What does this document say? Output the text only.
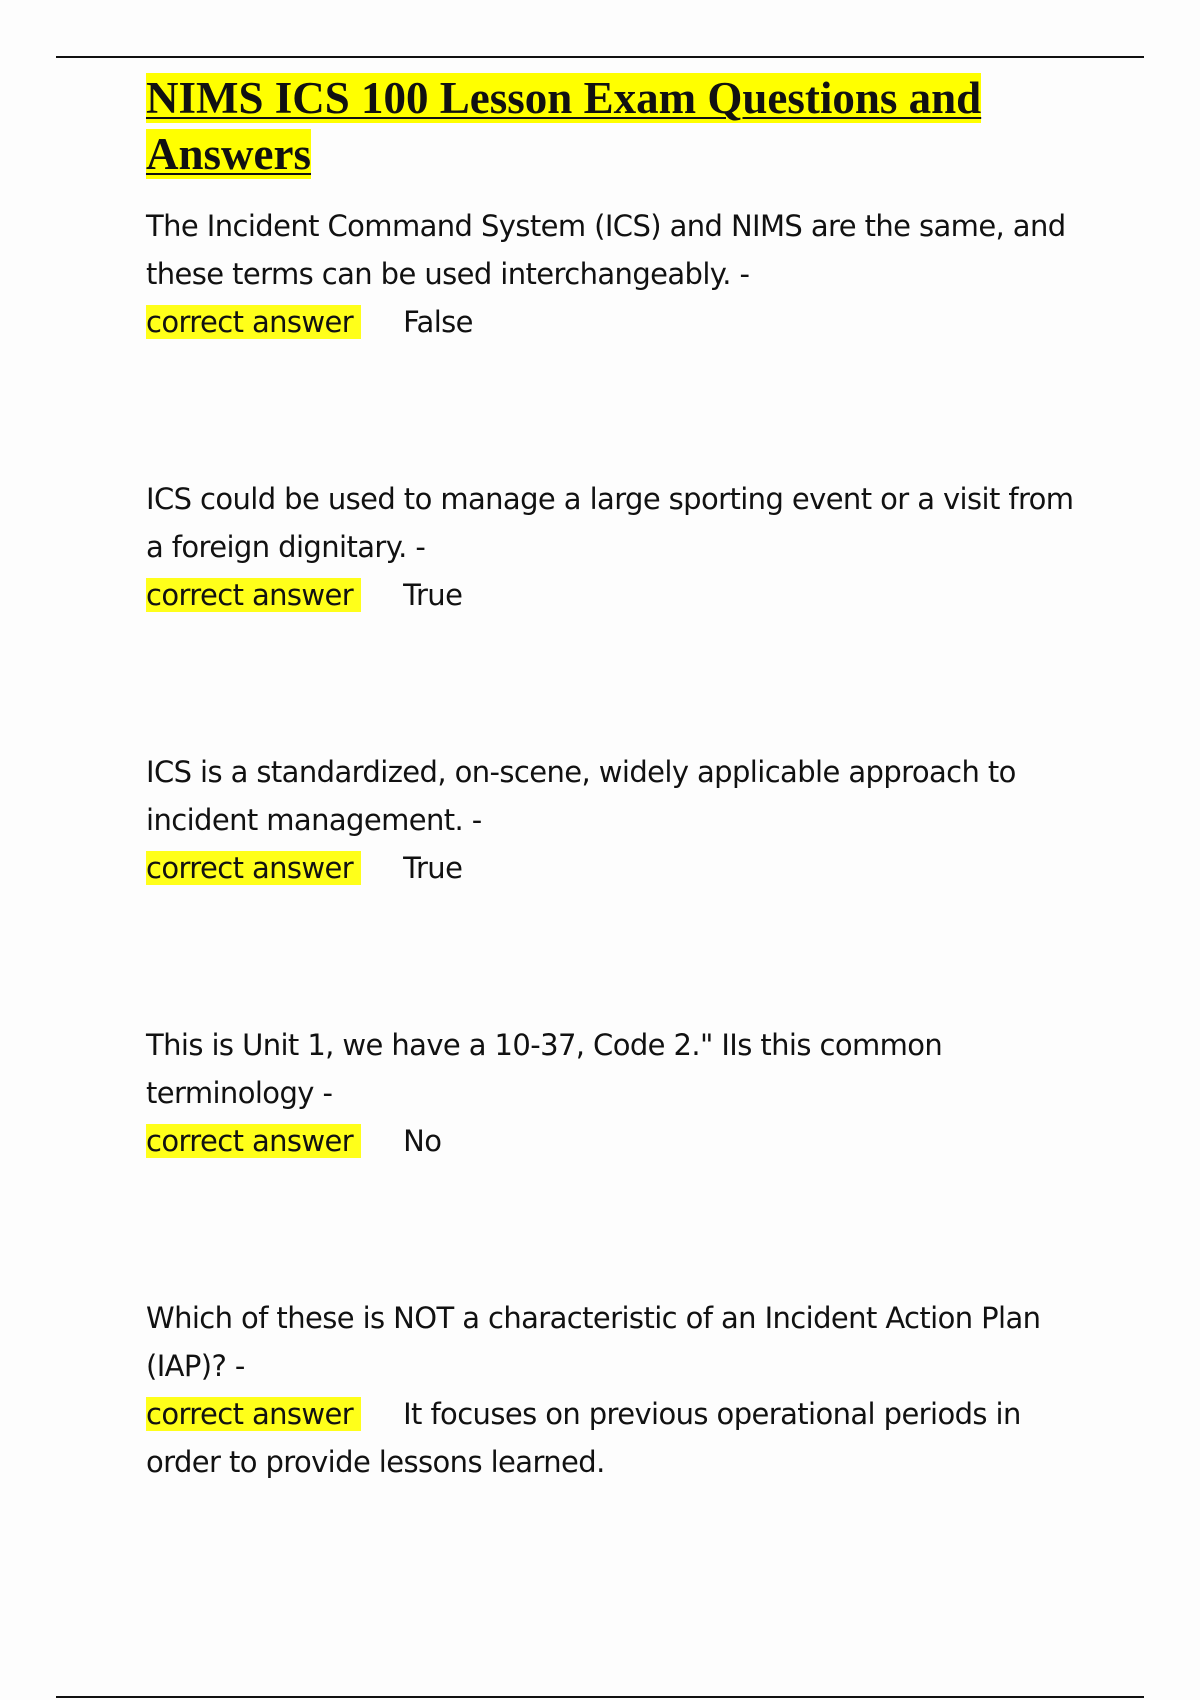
NIMS ICS 100 Lesson Exam Questions and Answers

The Incident Command System (ICS) and NIMS are the same, and these terms can be used interchangeably. -

correct answer False

ICS could be used to manage a large sporting event or a visit from a foreign dignitary. -

correct answer True

ICS is a standardized, on-scene, widely applicable approach to incident management. -

correct answer True

This is Unit 1, we have a 10-37, Code 2." IIs this common terminology -

correct answer No

Which of these is NOT a characteristic of an Incident Action Plan (IAP)? -

correct answer It focuses on previous operational periods in order to provide lessons learned.
